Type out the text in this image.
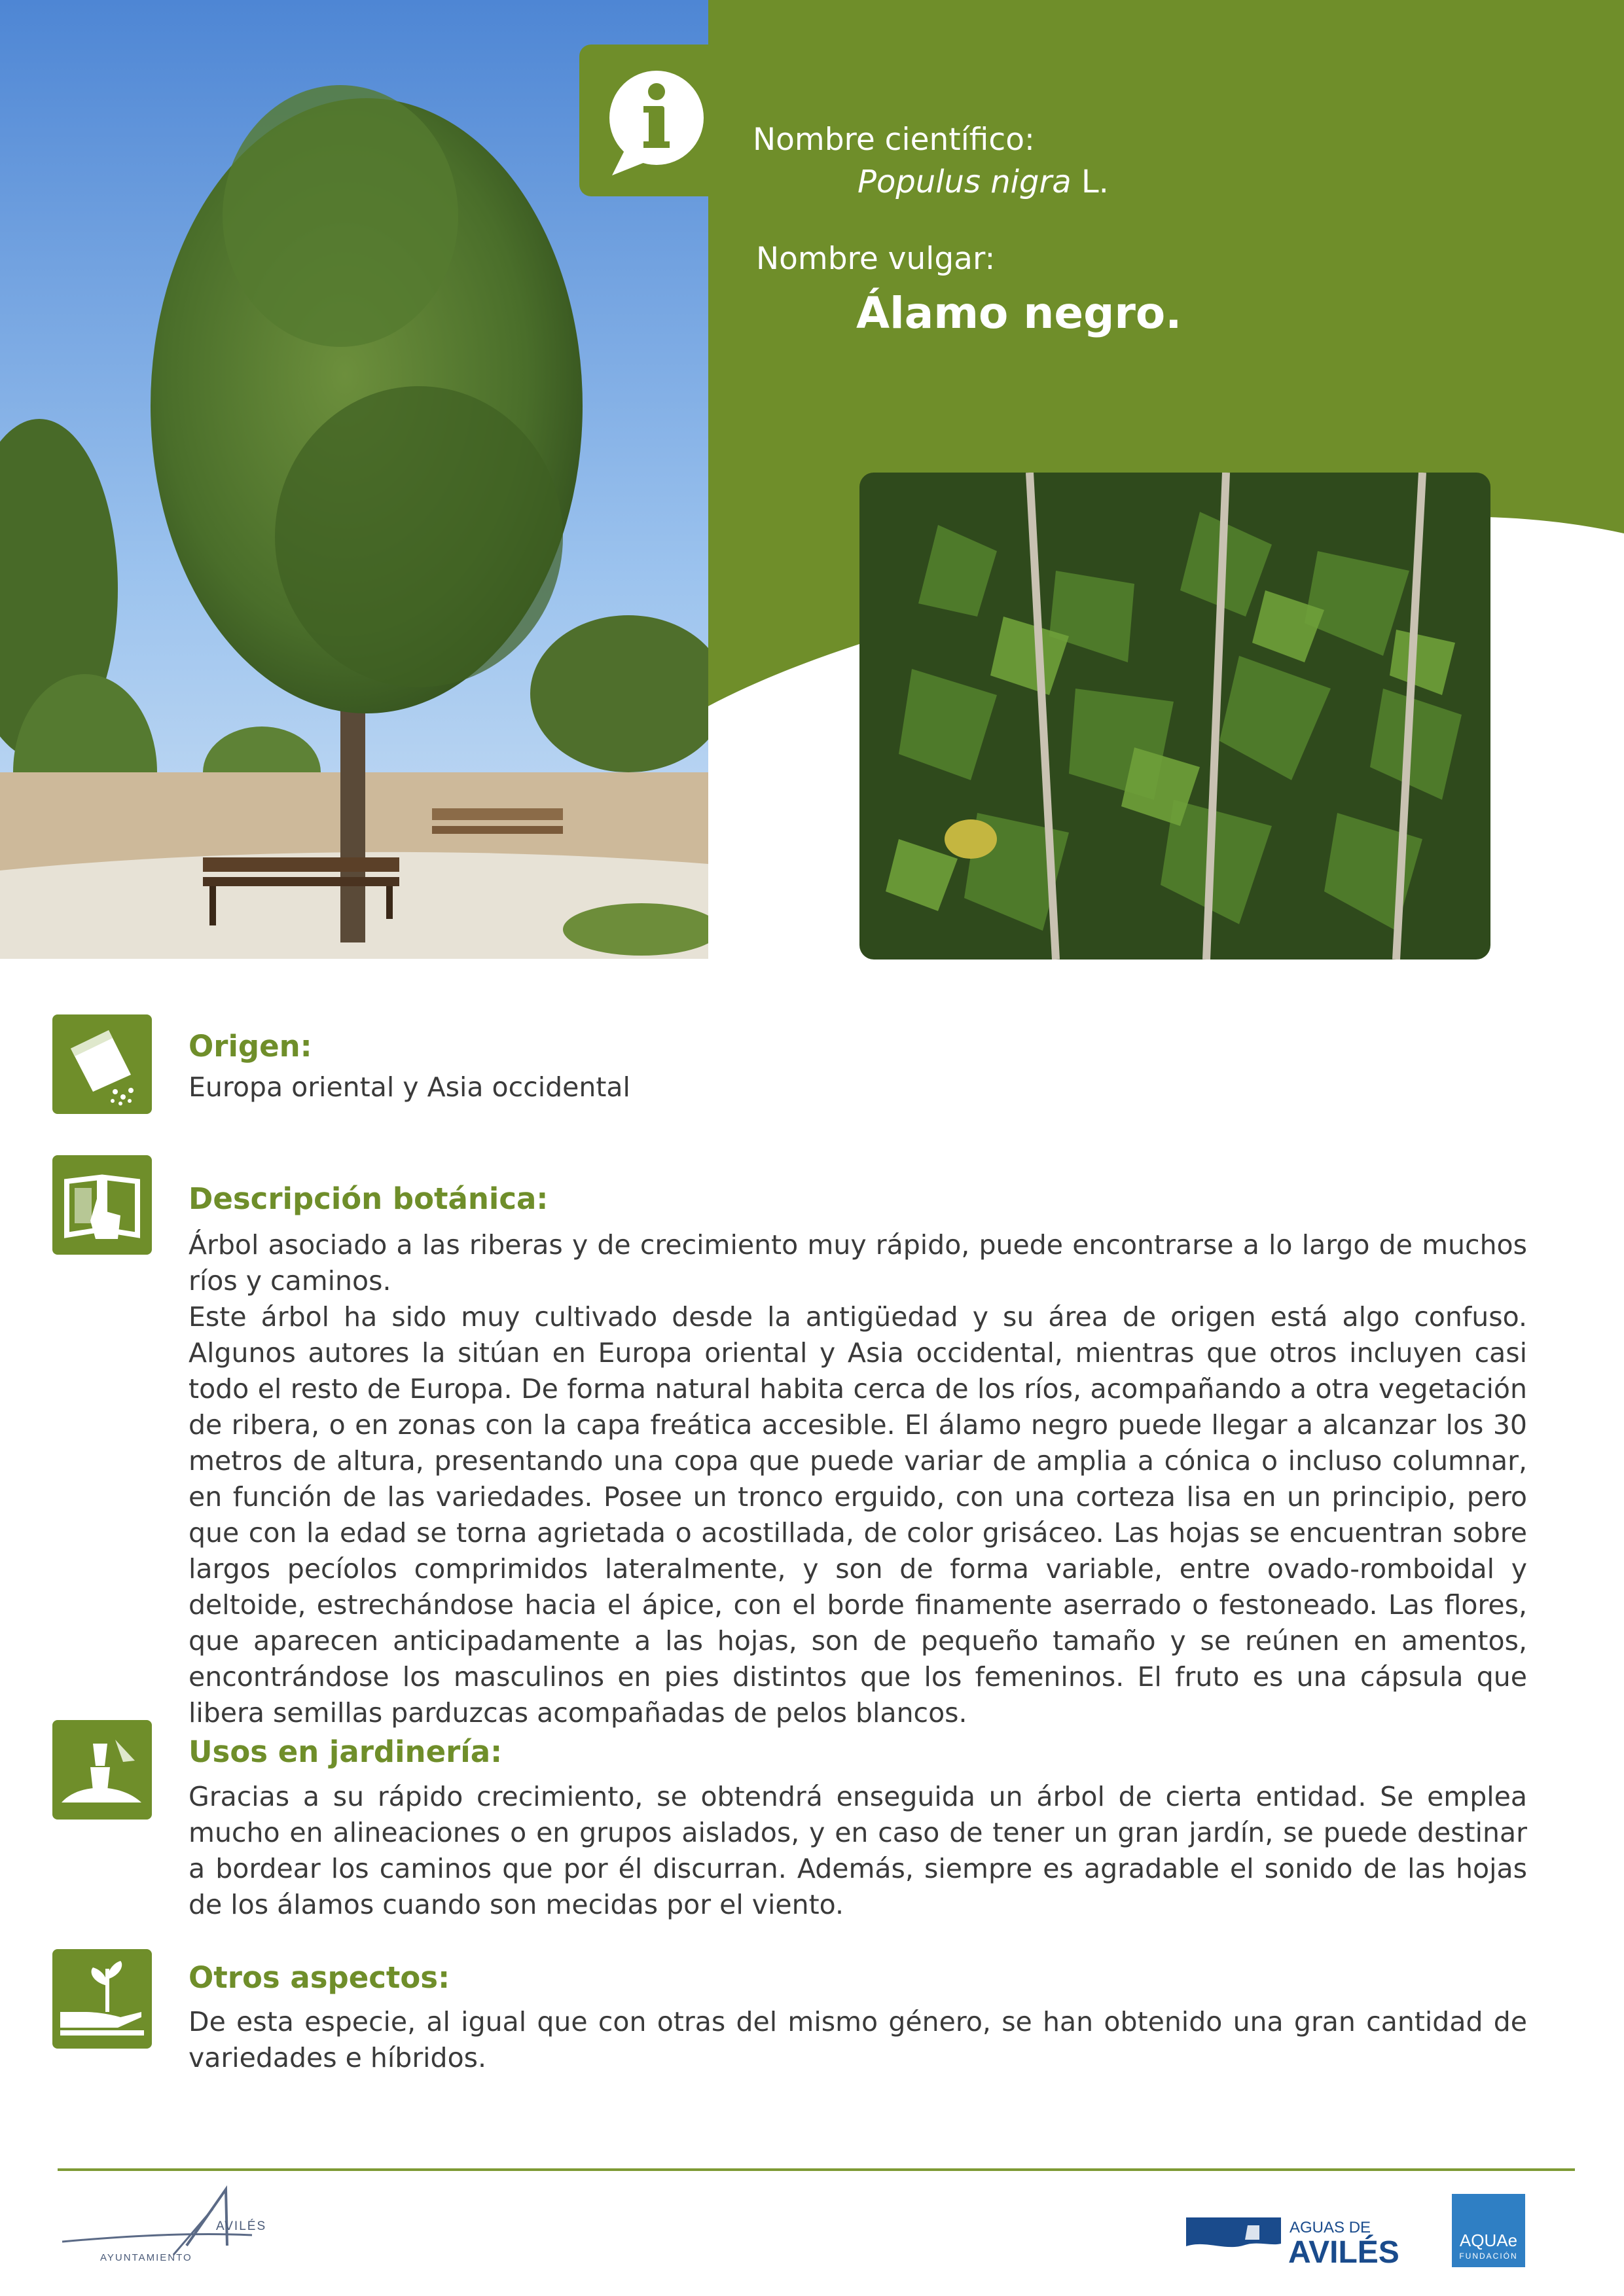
Nombre científico:
Populus nigra L.
Nombre vulgar:
Álamo negro.
Origen:

Europa oriental y Asia occidental

Descripción botánica:

Árbol asociado a las riberas y de crecimiento muy rápido, puede encontrarse a lo largo de muchos ríos y caminos.

Este árbol ha sido muy cultivado desde la antigüedad y su área de origen está algo confuso. Algunos autores la sitúan en Europa oriental y Asia occidental, mientras que otros incluyen casi todo el resto de Europa. De forma natural habita cerca de los ríos, acompañando a otra vegetación de ribera, o en zonas con la capa freática accesible. El álamo negro puede llegar a alcanzar los 30 metros de altura, presentando una copa que puede variar de amplia a cónica o incluso columnar, en función de las variedades. Posee un tronco erguido, con una corteza lisa en un principio, pero que con la edad se torna agrietada o acostillada, de color grisáceo. Las hojas se encuentran sobre largos pecíolos comprimidos lateralmente, y son de forma variable, entre ovado-romboidal y deltoide, estrechándose hacia el ápice, con el borde finamente aserrado o festoneado. Las flores, que aparecen anticipadamente a las hojas, son de pequeño tamaño y se reúnen en amentos, encontrándose los masculinos en pies distintos que los femeninos. El fruto es una cápsula que libera semillas parduzcas acompañadas de pelos blancos.

Usos en jardinería:

Gracias a su rápido crecimiento, se obtendrá enseguida un árbol de cierta entidad. Se emplea mucho en alineaciones o en grupos aislados, y en caso de tener un gran jardín, se puede destinar a bordear los caminos que por él discurran. Además, siempre es agradable el sonido de las hojas de los álamos cuando son mecidas por el viento.

Otros aspectos:

De esta especie, al igual que con otras del mismo género, se han obtenido una gran cantidad de variedades e híbridos.

AVILÉS
AYUNTAMIENTO
AGUAS DE
AVILÉS	AQUAe
FUNDACIÓN
